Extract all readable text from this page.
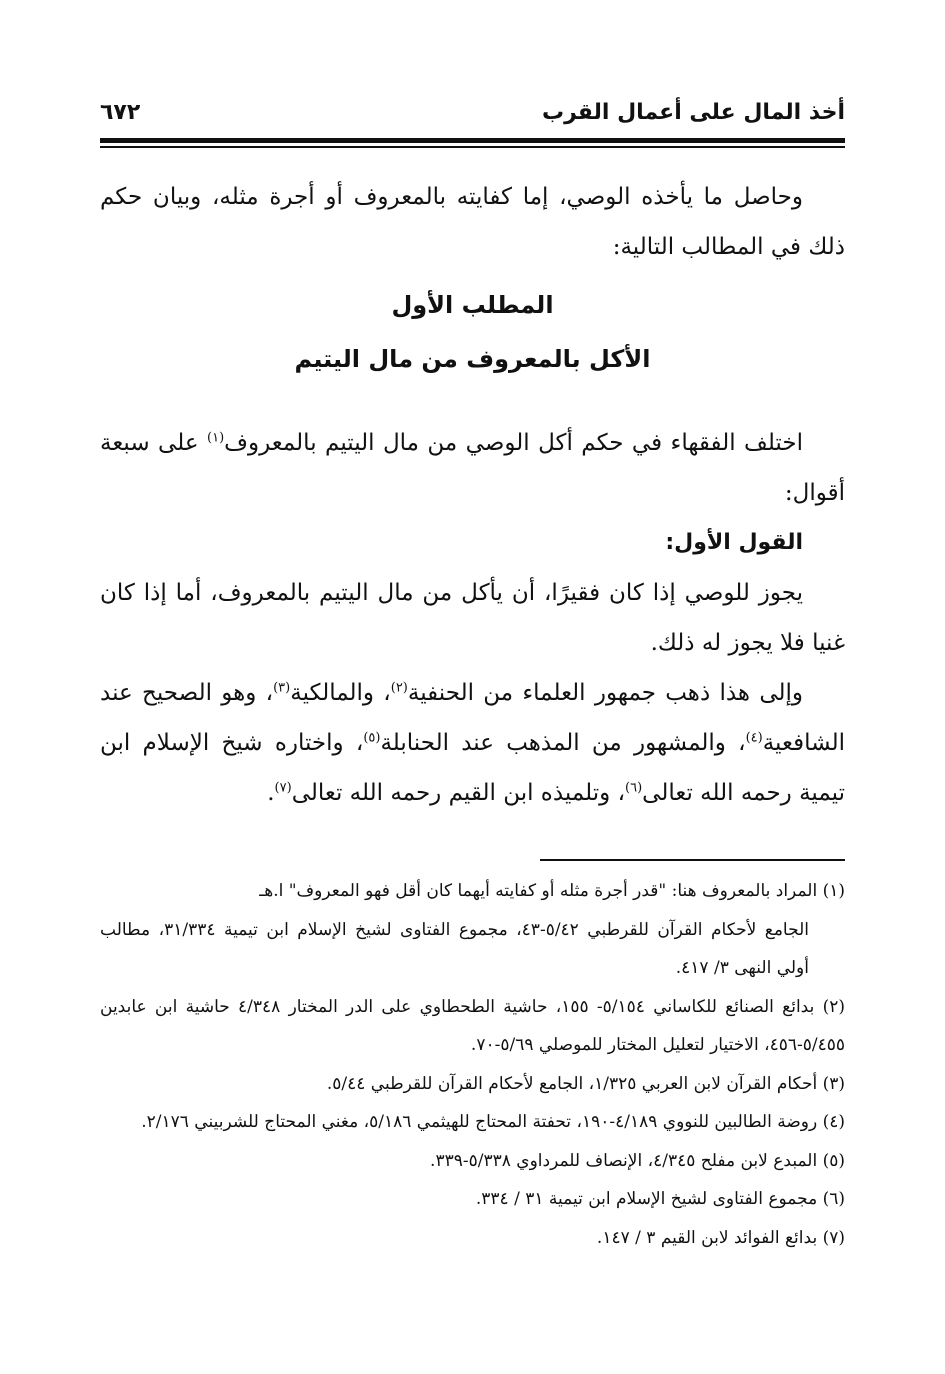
أخذ المال على أعمال القرب
٦٧٢

وحاصل ما يأخذه الوصي، إما كفايته بالمعروف أو أجرة مثله، وبيان حكم ذلك في المطالب التالية:

المطلب الأول

الأكل بالمعروف من مال اليتيم

اختلف الفقهاء في حكم أكل الوصي من مال اليتيم بالمعروف$^{(١)}$ على سبعة أقوال:

القول الأول:

يجوز للوصي إذا كان فقيرًا، أن يأكل من مال اليتيم بالمعروف، أما إذا كان غنيا فلا يجوز له ذلك.

وإلى هذا ذهب جمهور العلماء من الحنفية$^{(٢)}$، والمالكية$^{(٣)}$، وهو الصحيح عند الشافعية$^{(٤)}$، والمشهور من المذهب عند الحنابلة$^{(٥)}$، واختاره شيخ الإسلام ابن تيمية رحمه الله تعالى$^{(٦)}$، وتلميذه ابن القيم رحمه الله تعالى$^{(٧)}$.

(١) المراد بالمعروف هنا: "قدر أجرة مثله أو كفايته أيهما كان أقل فهو المعروف" ا.هـ

الجامع لأحكام القرآن للقرطبي ٥/٤٢-٤٣، مجموع الفتاوى لشيخ الإسلام ابن تيمية ٣١/٣٣٤، مطالب أولي النهى ٣/ ٤١٧.

(٢) بدائع الصنائع للكاساني ٥/١٥٤- ١٥٥، حاشية الطحطاوي على الدر المختار ٤/٣٤٨ حاشية ابن عابدين ٥/٤٥٥-٤٥٦، الاختيار لتعليل المختار للموصلي ٥/٦٩-٧٠.

(٣) أحكام القرآن لابن العربي ١/٣٢٥، الجامع لأحكام القرآن للقرطبي ٥/٤٤.

(٤) روضة الطالبين للنووي ٤/١٨٩-١٩٠، تحفتة المحتاج للهيثمي ٥/١٨٦، مغني المحتاج للشربيني ٢/١٧٦.

(٥) المبدع لابن مفلح ٤/٣٤٥، الإنصاف للمرداوي ٥/٣٣٨-٣٣٩.

(٦) مجموع الفتاوى لشيخ الإسلام ابن تيمية ٣١ / ٣٣٤.

(٧) بدائع الفوائد لابن القيم ٣ / ١٤٧.
